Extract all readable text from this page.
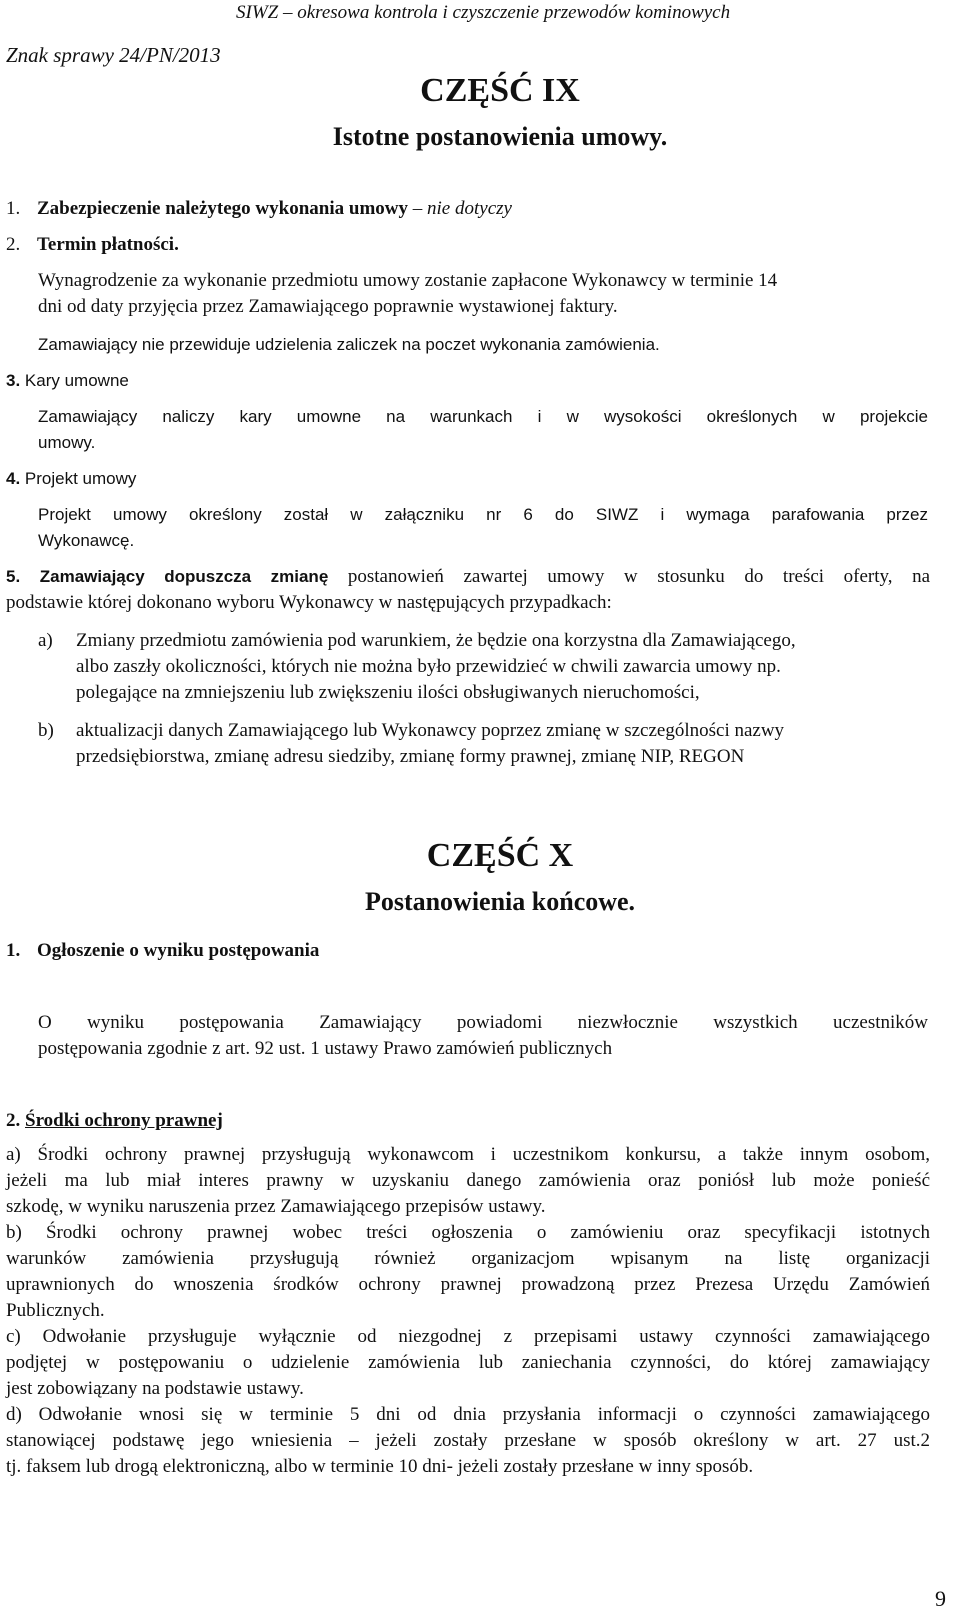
SIWZ – okresowa kontrola i czyszczenie przewodów kominowych
Znak sprawy 24/PN/2013
CZĘŚĆ IX
Istotne postanowienia umowy.
1. Zabezpieczenie należytego wykonania umowy – nie dotyczy
2. Termin płatności.
Wynagrodzenie za wykonanie przedmiotu umowy zostanie zapłacone Wykonawcy w terminie 14
dni od daty przyjęcia przez Zamawiającego poprawnie wystawionej faktury.
Zamawiający nie przewiduje udzielenia zaliczek na poczet wykonania zamówienia.
3. Kary umowne
Zamawiający naliczy kary umowne na warunkach i w wysokości określonych w projekcie
umowy.
4. Projekt umowy
Projekt umowy określony został w załączniku nr 6 do SIWZ i wymaga parafowania przez
Wykonawcę.
5. Zamawiający dopuszcza zmianę postanowień zawartej umowy w stosunku do treści oferty, na
podstawie której dokonano wyboru Wykonawcy w następujących przypadkach:
a) Zmiany przedmiotu zamówienia pod warunkiem, że będzie ona korzystna dla Zamawiającego,
albo zaszły okoliczności, których nie można było przewidzieć w chwili zawarcia umowy np.
polegające na zmniejszeniu lub zwiększeniu ilości obsługiwanych nieruchomości,
b) aktualizacji danych Zamawiającego lub Wykonawcy poprzez zmianę w szczególności nazwy
przedsiębiorstwa, zmianę adresu siedziby, zmianę formy prawnej, zmianę NIP, REGON
CZĘŚĆ X
Postanowienia końcowe.
1. Ogłoszenie o wyniku postępowania
O wyniku postępowania Zamawiający powiadomi niezwłocznie wszystkich uczestników
postępowania zgodnie z art. 92 ust. 1 ustawy Prawo zamówień publicznych
2. Środki ochrony prawnej
a) Środki ochrony prawnej przysługują wykonawcom i uczestnikom konkursu, a także innym osobom,
jeżeli ma lub miał interes prawny w uzyskaniu danego zamówienia oraz poniósł lub może ponieść
szkodę, w wyniku naruszenia przez Zamawiającego przepisów ustawy.
b) Środki ochrony prawnej wobec treści ogłoszenia o zamówieniu oraz specyfikacji istotnych
warunków zamówienia przysługują również organizacjom wpisanym na listę organizacji
uprawnionych do wnoszenia środków ochrony prawnej prowadzoną przez Prezesa Urzędu Zamówień
Publicznych.
c) Odwołanie przysługuje wyłącznie od niezgodnej z przepisami ustawy czynności zamawiającego
podjętej w postępowaniu o udzielenie zamówienia lub zaniechania czynności, do której zamawiający
jest zobowiązany na podstawie ustawy.
d) Odwołanie wnosi się w terminie 5 dni od dnia przysłania informacji o czynności zamawiającego
stanowiącej podstawę jego wniesienia – jeżeli zostały przesłane w sposób określony w art. 27 ust.2
tj. faksem lub drogą elektroniczną, albo w terminie 10 dni- jeżeli zostały przesłane w inny sposób.
9
